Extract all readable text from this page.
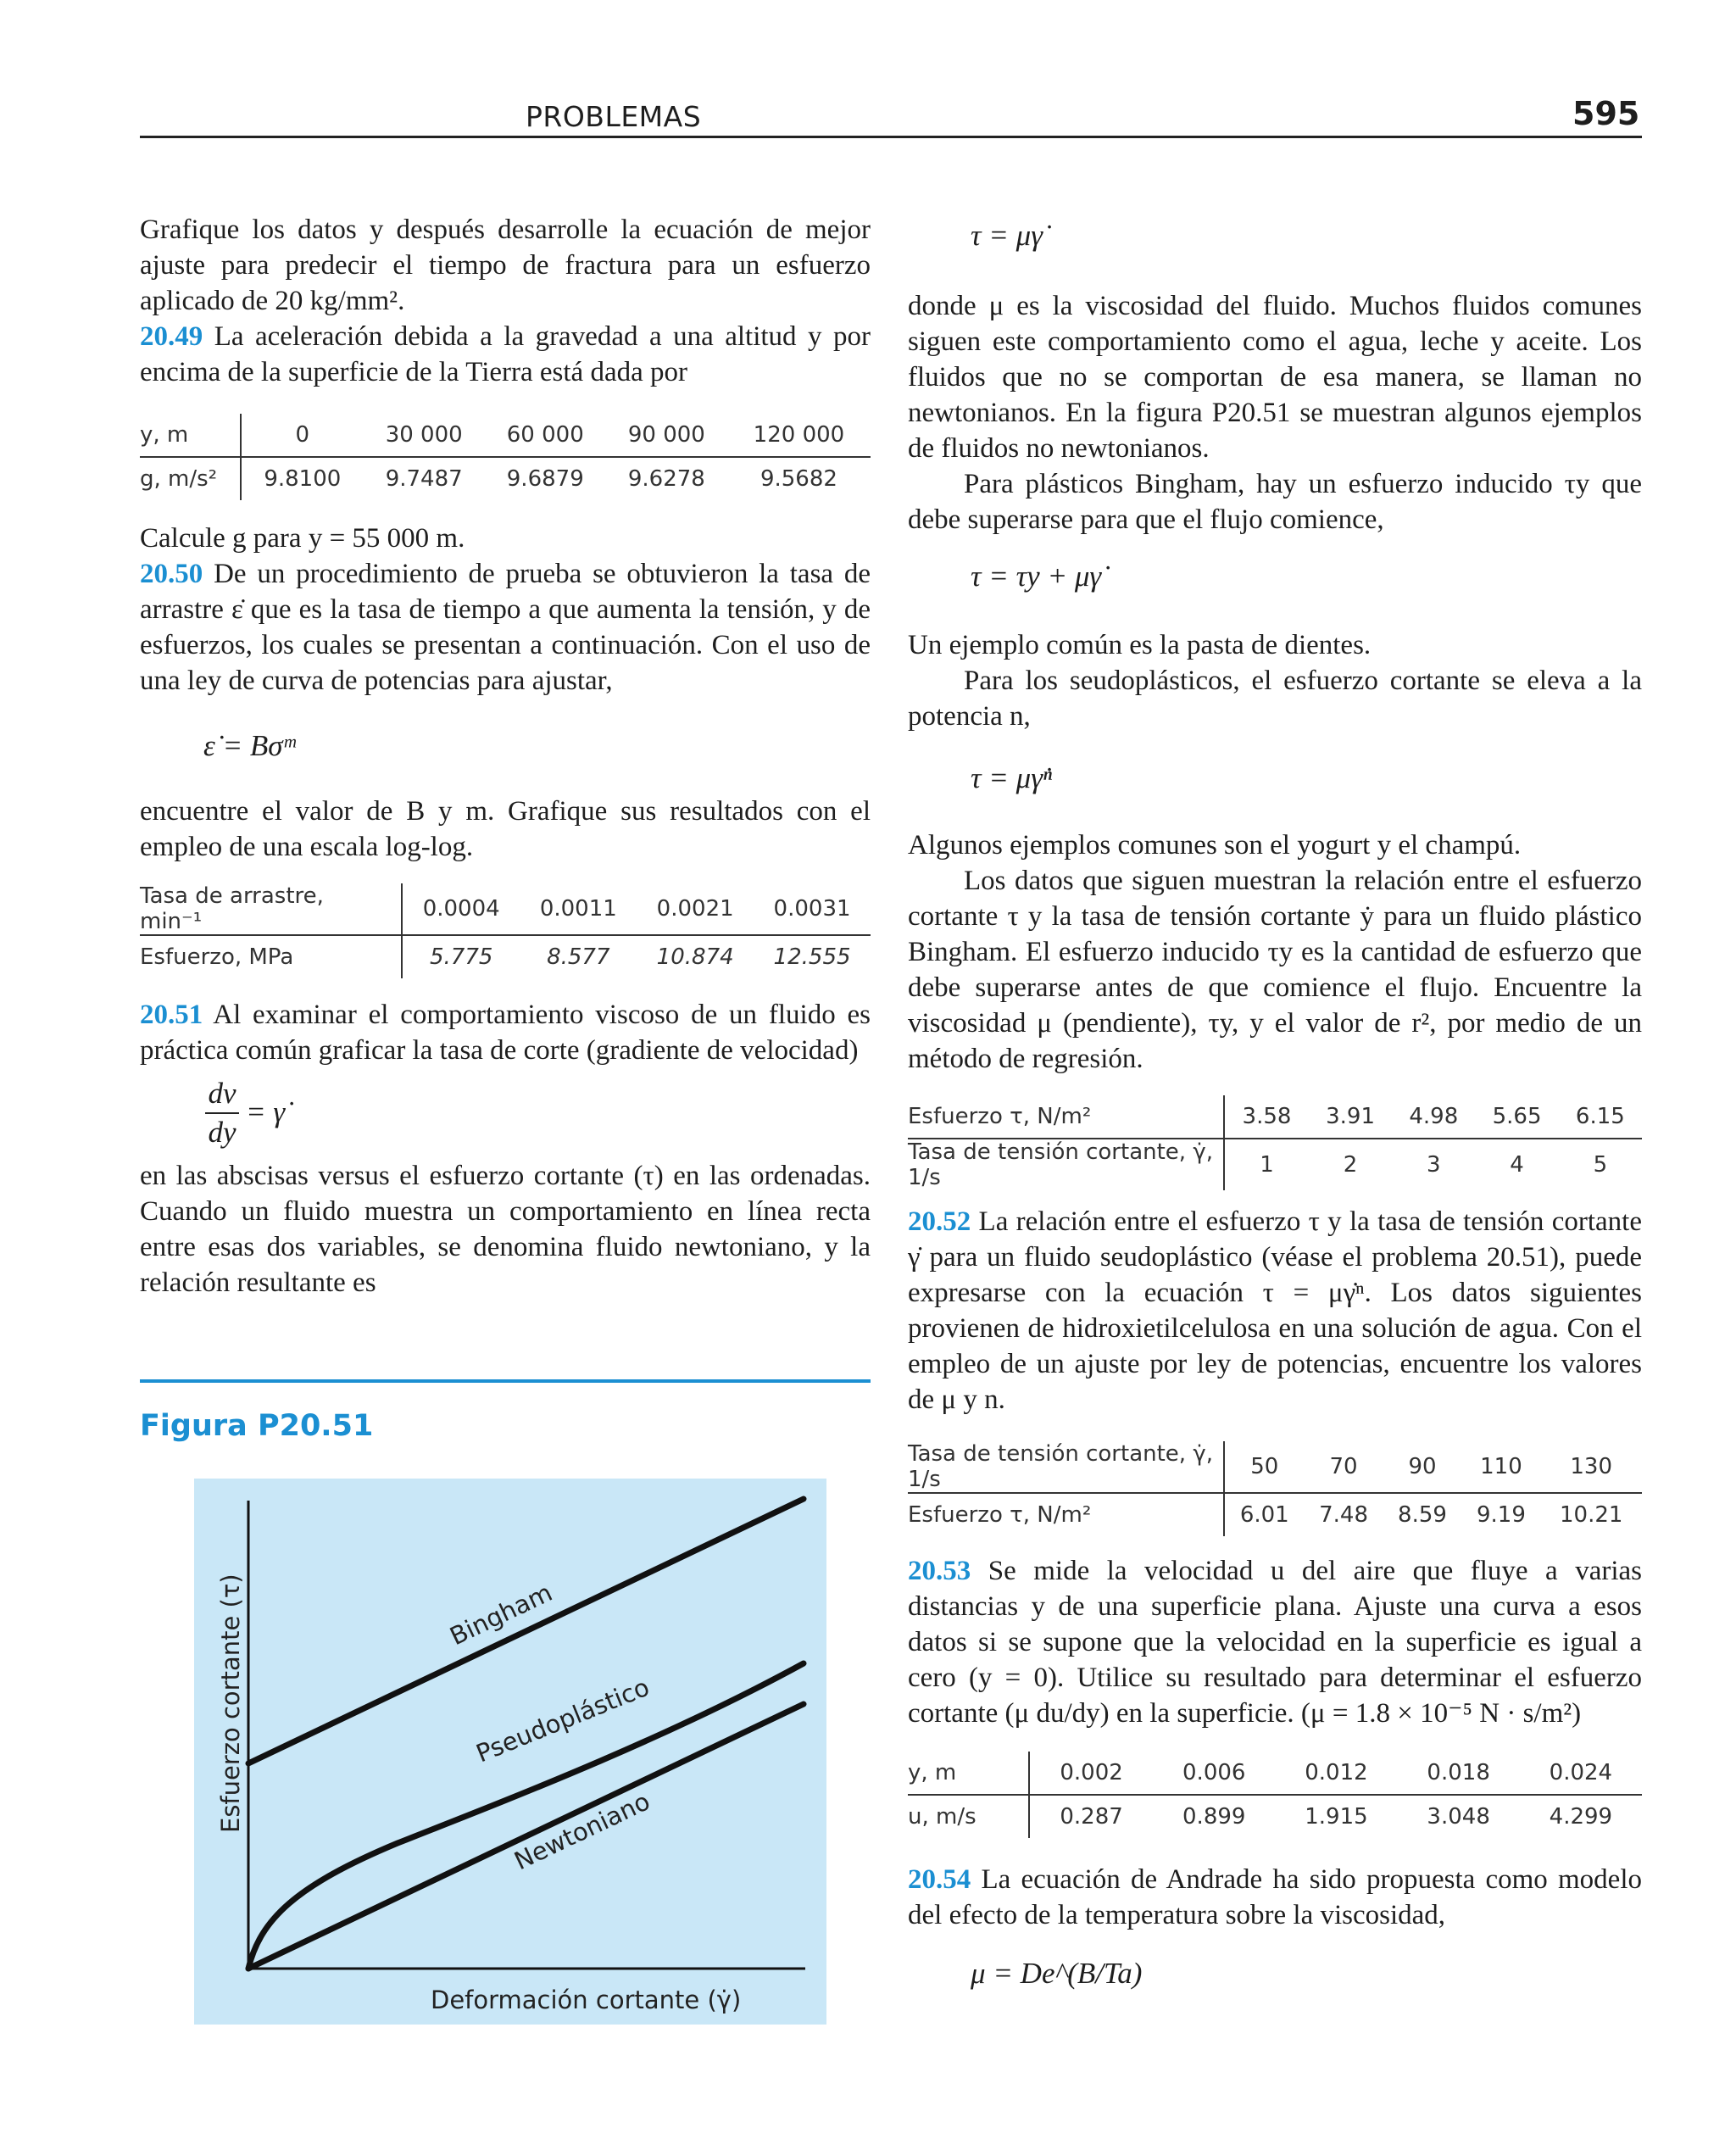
PROBLEMAS	595

Grafique los datos y después desarrolle la ecuación de mejor ajuste para predecir el tiempo de fractura para un esfuerzo aplicado de 20 kg/mm².

20.49 La aceleración debida a la gravedad a una altitud y por encima de la superficie de la Tierra está dada por

y, m	0	30 000	60 000	90 000	120 000
g, m/s²	9.8100	9.7487	9.6879	9.6278	9.5682

Calcule g para y = 55 000 m.

20.50 De un procedimiento de prueba se obtuvieron la tasa de arrastre ε̇ que es la tasa de tiempo a que aumenta la tensión, y de esfuerzos, los cuales se presentan a continuación. Con el uso de una ley de curva de potencias para ajustar,

ε̇ = Bσᵐ

encuentre el valor de B y m. Grafique sus resultados con el empleo de una escala log-log.

Tasa de arrastre, min⁻¹	0.0004	0.0011	0.0021	0.0031
Esfuerzo, MPa	5.775	8.577	10.874	12.555

20.51 Al examinar el comportamiento viscoso de un fluido es práctica común graficar la tasa de corte (gradiente de velocidad)

dv
dy
= γ̇

en las abscisas versus el esfuerzo cortante (τ) en las ordenadas. Cuando un fluido muestra un comportamiento en línea recta entre esas dos variables, se denomina fluido newtoniano, y la relación resultante es

Figura P20.51
Bingham
Pseudoplástico
Newtoniano
Esfuerzo cortante (τ)
Deformación cortante (γ̇)
τ = μγ̇

donde μ es la viscosidad del fluido. Muchos fluidos comunes siguen este comportamiento como el agua, leche y aceite. Los fluidos que no se comportan de esa manera, se llaman no newtonianos. En la figura P20.51 se muestran algunos ejemplos de fluidos no newtonianos.

Para plásticos Bingham, hay un esfuerzo inducido τy que debe superarse para que el flujo comience,

τ = τy + μγ̇

Un ejemplo común es la pasta de dientes.

Para los seudoplásticos, el esfuerzo cortante se eleva a la potencia n,

τ = μγ̇ⁿ

Algunos ejemplos comunes son el yogurt y el champú.

Los datos que siguen muestran la relación entre el esfuerzo cortante τ y la tasa de tensión cortante ẏ para un fluido plástico Bingham. El esfuerzo inducido τy es la cantidad de esfuerzo que debe superarse antes de que comience el flujo. Encuentre la viscosidad μ (pendiente), τy, y el valor de r², por medio de un método de regresión.

Esfuerzo τ, N/m²	3.58	3.91	4.98	5.65	6.15
Tasa de tensión cortante, γ̇, 1/s	1	2	3	4	5

20.52 La relación entre el esfuerzo τ y la tasa de tensión cortante γ̇ para un fluido seudoplástico (véase el problema 20.51), puede expresarse con la ecuación τ = μγ̇ⁿ. Los datos siguientes provienen de hidroxietilcelulosa en una solución de agua. Con el empleo de un ajuste por ley de potencias, encuentre los valores de μ y n.

Tasa de tensión cortante, γ̇, 1/s	50	70	90	110	130
Esfuerzo τ, N/m²	6.01	7.48	8.59	9.19	10.21

20.53 Se mide la velocidad u del aire que fluye a varias distancias y de una superficie plana. Ajuste una curva a esos datos si se supone que la velocidad en la superficie es igual a cero (y = 0). Utilice su resultado para determinar el esfuerzo cortante (μ du/dy) en la superficie. (μ = 1.8 × 10⁻⁵ N · s/m²)

y, m	0.002	0.006	0.012	0.018	0.024
u, m/s	0.287	0.899	1.915	3.048	4.299

20.54 La ecuación de Andrade ha sido propuesta como modelo del efecto de la temperatura sobre la viscosidad,

μ = De^(B/Ta)
